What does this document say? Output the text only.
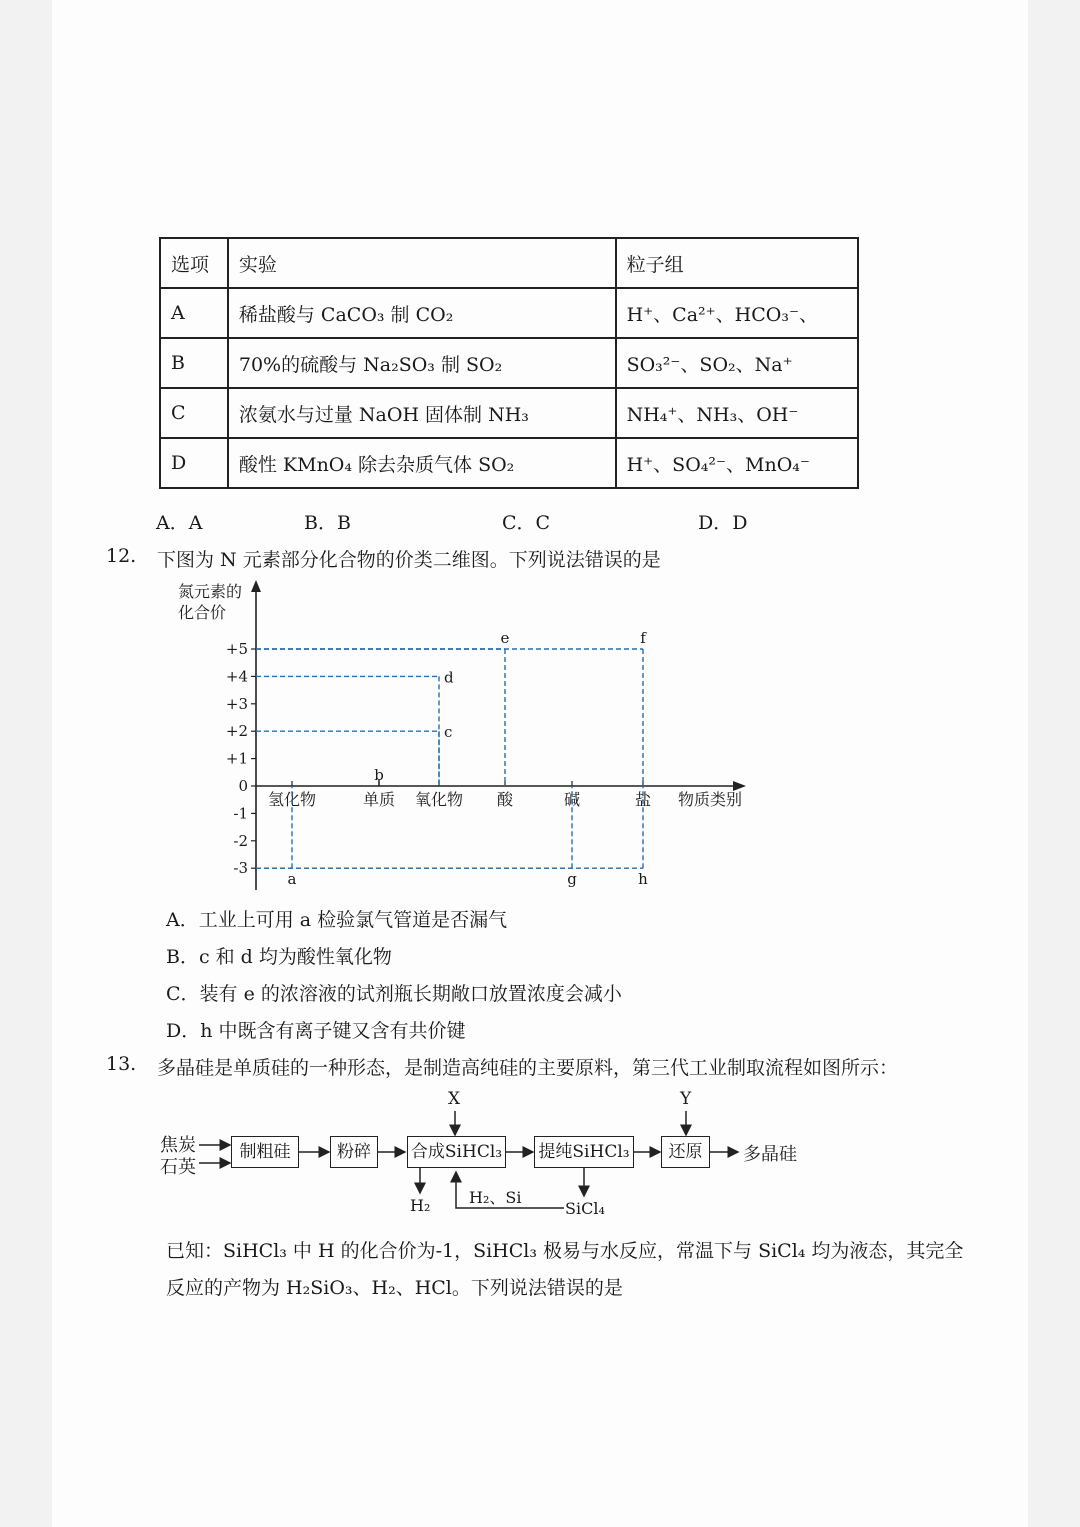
选项	实验	粒子组
A	稀盐酸与 CaCO₃ 制 CO₂	H⁺、Ca²⁺、HCO₃⁻、
B	70%的硫酸与 Na₂SO₃ 制 SO₂	SO₃²⁻、SO₂、Na⁺
C	浓氨水与过量 NaOH 固体制 NH₃	NH₄⁺、NH₃、OH⁻
D	酸性 KMnO₄ 除去杂质气体 SO₂	H⁺、SO₄²⁻、MnO₄⁻
A．A	B．B	C．C	D．D
12. 下图为 N 元素部分化合物的价类二维图。下列说法错误的是
氮元素的
化合价
物质类别
+5
+4
+3
+2
+1
0
-1
-2
-3
氢化物	单质 氧化物 酸	碱	盐
a
b
c
d
e	f
g	h
A．工业上可用 a 检验氯气管道是否漏气
B．c 和 d 均为酸性氧化物
C．装有 e 的浓溶液的试剂瓶长期敞口放置浓度会减小
D．h 中既含有离子键又含有共价键
13. 多晶硅是单质硅的一种形态，是制造高纯硅的主要原料，第三代工业制取流程如图所示：
焦炭
石英
制粗硅	粉碎	合成SiHCl₃ 提纯SiHCl₃	还原	多晶硅
X	Y
H₂ H₂、Si
SiCl₄
已知：SiHCl₃ 中 H 的化合价为-1，SiHCl₃ 极易与水反应，常温下与 SiCl₄ 均为液态，其完全
反应的产物为 H₂SiO₃、H₂、HCl。下列说法错误的是
